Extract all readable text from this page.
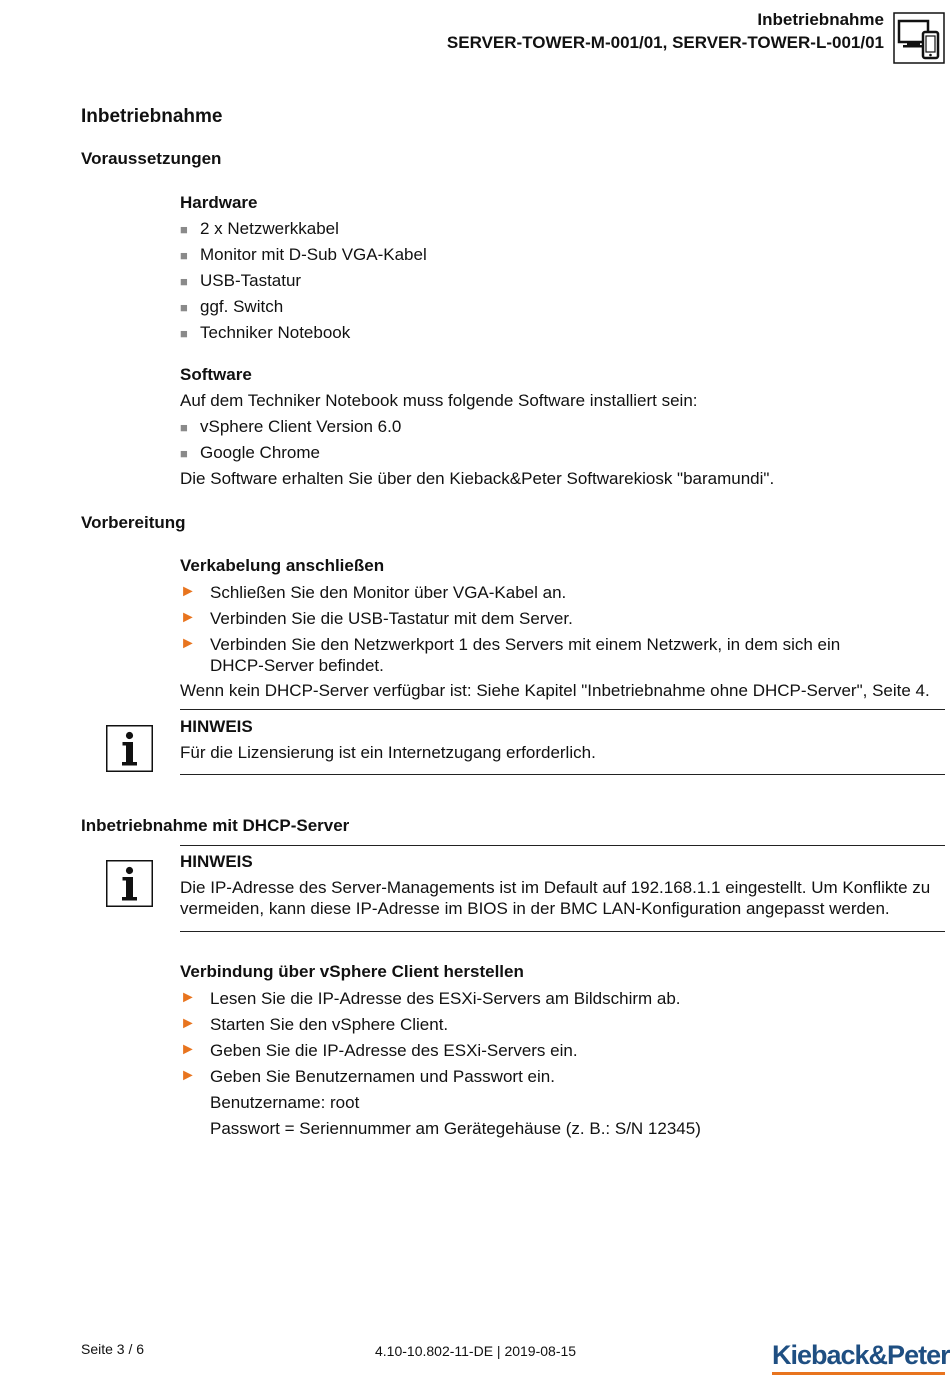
Inbetriebnahme
SERVER-TOWER-M-001/01, SERVER-TOWER-L-001/01
Inbetriebnahme
Voraussetzungen
Hardware
■ 2 x Netzwerkkabel
■ Monitor mit D-Sub VGA-Kabel
■ USB-Tastatur
■ ggf. Switch
■ Techniker Notebook
Software
Auf dem Techniker Notebook muss folgende Software installiert sein:
■ vSphere Client Version 6.0
■ Google Chrome
Die Software erhalten Sie über den Kieback&Peter Softwarekiosk "baramundi".
Vorbereitung
Verkabelung anschließen
► Schließen Sie den Monitor über VGA-Kabel an.
► Verbinden Sie die USB-Tastatur mit dem Server.
► Verbinden Sie den Netzwerkport 1 des Servers mit einem Netzwerk, in dem sich ein DHCP-Server befindet.
Wenn kein DHCP-Server verfügbar ist: Siehe Kapitel "Inbetriebnahme ohne DHCP-Server", Seite 4.
HINWEIS
Für die Lizensierung ist ein Internetzugang erforderlich.
Inbetriebnahme mit DHCP-Server
HINWEIS
Die IP-Adresse des Server-Managements ist im Default auf 192.168.1.1 eingestellt. Um Konflikte zu vermeiden, kann diese IP-Adresse im BIOS in der BMC LAN-Konfiguration angepasst werden.
Verbindung über vSphere Client herstellen
► Lesen Sie die IP-Adresse des ESXi-Servers am Bildschirm ab.
► Starten Sie den vSphere Client.
► Geben Sie die IP-Adresse des ESXi-Servers ein.
► Geben Sie Benutzernamen und Passwort ein.
Benutzername: root
Passwort = Seriennummer am Gerätegehäuse (z. B.: S/N 12345)
Seite 3 / 6	4.10-10.802-11-DE | 2019-08-15	Kieback&Peter
